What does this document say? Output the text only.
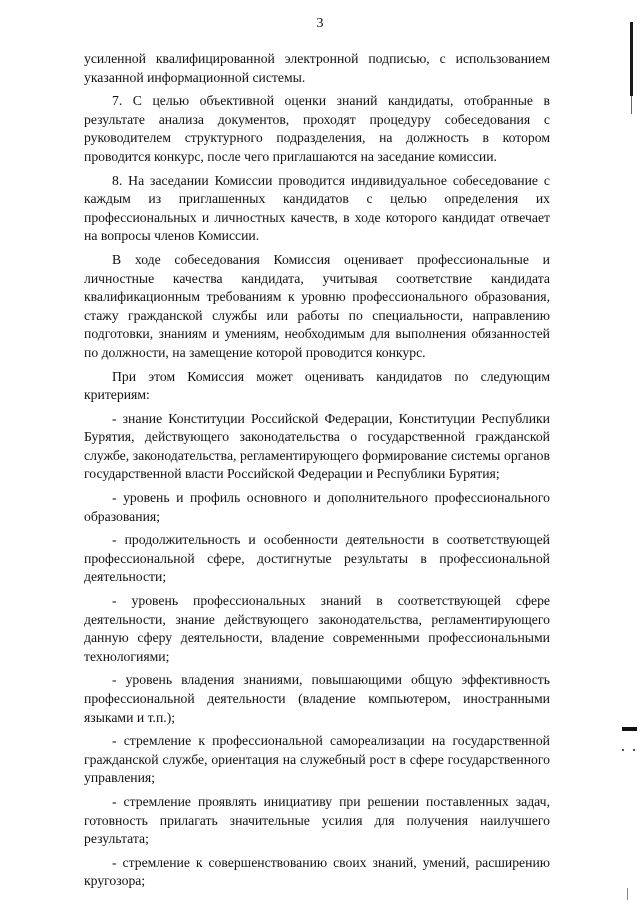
3

усиленной квалифицированной электронной подписью, с использованием указанной информационной системы.

7. С целью объективной оценки знаний кандидаты, отобранные в результате анализа документов, проходят процедуру собеседования с руководителем структурного подразделения, на должность в котором проводится конкурс, после чего приглашаются на заседание комиссии.

8. На заседании Комиссии проводится индивидуальное собеседование с каждым из приглашенных кандидатов с целью определения их профессиональных и личностных качеств, в ходе которого кандидат отвечает на вопросы членов Комиссии.

В ходе собеседования Комиссия оценивает профессиональные и личностные качества кандидата, учитывая соответствие кандидата квалификационным требованиям к уровню профессионального образования, стажу гражданской службы или работы по специальности, направлению подготовки, знаниям и умениям, необходимым для выполнения обязанностей по должности, на замещение которой проводится конкурс.

При этом Комиссия может оценивать кандидатов по следующим критериям:

- знание Конституции Российской Федерации, Конституции Республики Бурятия, действующего законодательства о государственной гражданской службе, законодательства, регламентирующего формирование системы органов государственной власти Российской Федерации и Республики Бурятия;

- уровень и профиль основного и дополнительного профессионального образования;

- продолжительность и особенности деятельности в соответствующей профессиональной сфере, достигнутые результаты в профессиональной деятельности;

- уровень профессиональных знаний в соответствующей сфере деятельности, знание действующего законодательства, регламентирующего данную сферу деятельности, владение современными профессиональными технологиями;

- уровень владения знаниями, повышающими общую эффективность профессиональной деятельности (владение компьютером, иностранными языками и т.п.);

- стремление к профессиональной самореализации на государственной гражданской службе, ориентация на служебный рост в сфере государственного управления;

- стремление проявлять инициативу при решении поставленных задач, готовность прилагать значительные усилия для получения наилучшего результата;

- стремление к совершенствованию своих знаний, умений, расширению кругозора;
